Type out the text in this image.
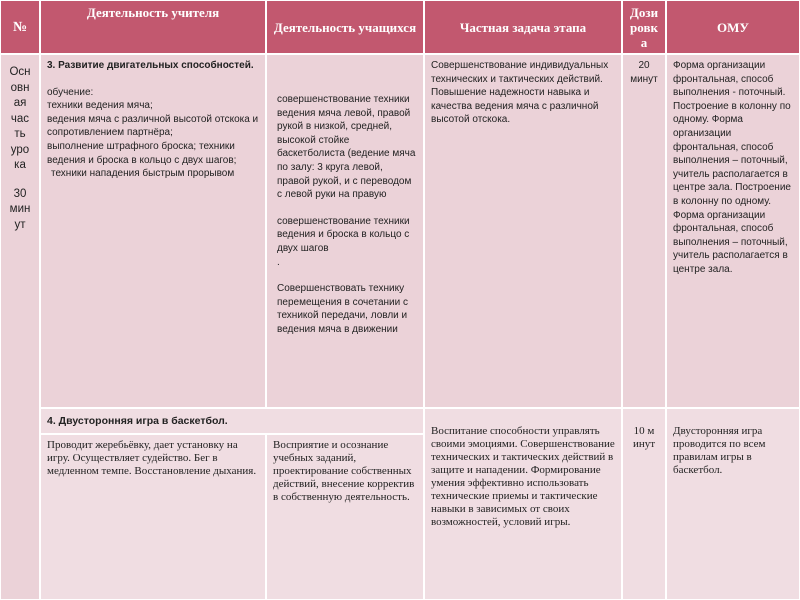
№
Деятельность учителя
Деятельность учащихся	Частная задача этапа
Дозировка
ОМУ

Осн

овн

ая

час

ть

уро

ка

30

мин

ут

3. Развитие двигательных способностей.

обучение:

техники ведения мяча;

ведения мяча с различной высотой отскока и сопротивлением партнёра;

выполнение штрафного броска; техники ведения и броска в кольцо с двух шагов;

техники нападения быстрым прорывом

совершенствование техники ведения мяча левой, правой рукой в низкой, средней, высокой стойке баскетболиста (ведение мяча по залу: 3 круга левой, правой рукой, и с переводом с левой руки на правую

совершенствование техники ведения и броска в кольцо с двух шагов

.

Совершенствовать технику перемещения в сочетании с техникой передачи, ловли и ведения мяча в движении

Совершенствование индивидуальных технических и тактических действий. Повышение надежности навыка и качества ведения мяча с различной высотой отскока.

20 минут

Форма организации фронтальная, способ выполнения - поточный. Построение в колонну по одному. Форма организации фронтальная, способ выполнения – поточный, учитель располагается в центре зала. Построение в колонну по одному. Форма организации фронтальная, способ выполнения – поточный, учитель располагается в центре зала.

4. Двусторонняя игра в баскетбол.

Проводит жеребьёвку, дает установку на игру. Осуществляет судейство. Бег в медленном темпе. Восстановление дыхания.

Восприятие и осознание учебных заданий, проектирование собственных действий, внесение корректив в собственную деятельность.

Воспитание способности управлять своими эмоциями. Совершенствование технических и тактических действий в защите и нападении. Формирование умения эффективно использовать технические приемы и тактические навыки в зависимых от своих возможностей, условий игры.

10 минут

Двусторонняя игра проводится по всем правилам игры в баскетбол.
